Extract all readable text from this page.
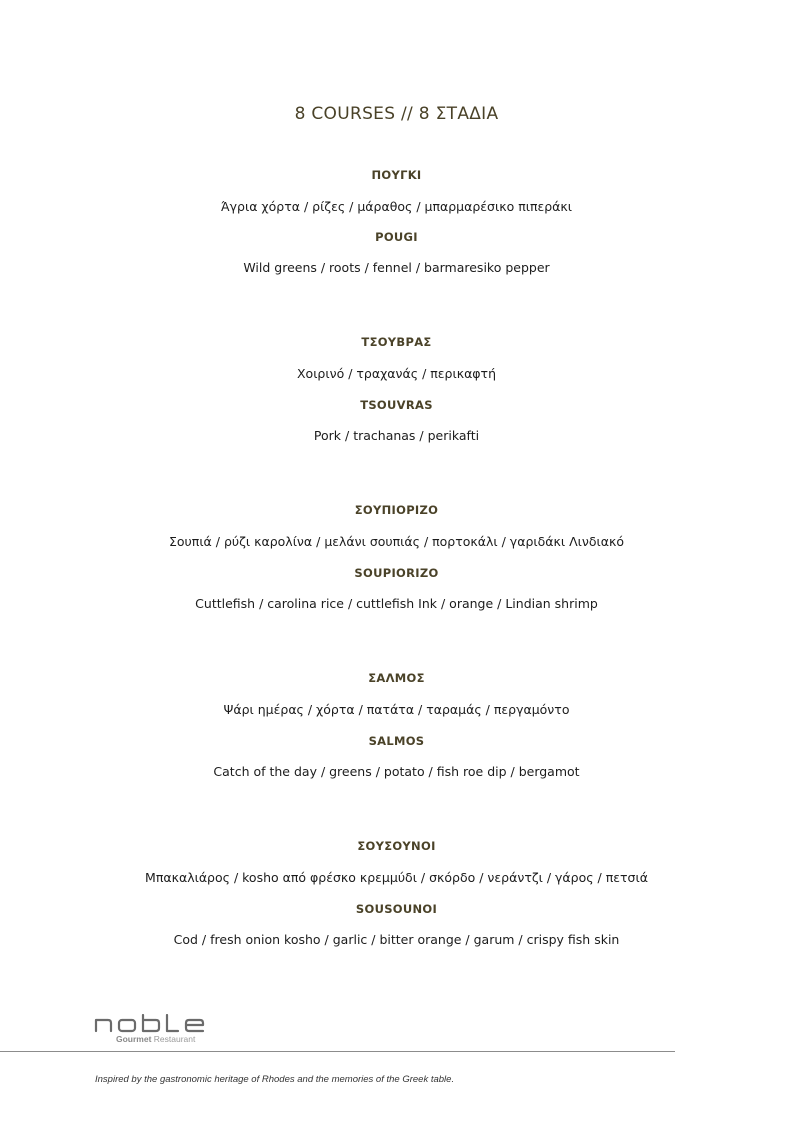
8 COURSES // 8 ΣΤΑΔΙΑ
ΠΟΥΓΚΙ
Άγρια χόρτα / ρίζες / μάραθος / μπαρμαρέσικο πιπεράκι
POUGI
Wild greens / roots / fennel / barmaresiko pepper
ΤΣΟΥΒΡΑΣ
Χοιρινό / τραχανάς / περικαφτή
TSOUVRAS
Pork / trachanas / perikafti
ΣΟΥΠΙΟΡΙΖΟ
Σουπιά / ρύζι καρολίνα / μελάνι σουπιάς / πορτοκάλι / γαριδάκι Λινδιακό
SOUPIORIZO
Cuttlefish / carolina rice / cuttlefish Ink / orange / Lindian shrimp
ΣΑΛΜΟΣ
Ψάρι ημέρας / χόρτα / πατάτα / ταραμάς / περγαμόντο
SALMOS
Catch of the day / greens / potato / fish roe dip / bergamot
ΣΟΥΣΟΥΝΟΙ
Μπακαλιάρος / kosho από φρέσκο κρεμμύδι / σκόρδο / νεράντζι / γάρος / πετσιά
SOUSOUNOI
Cod / fresh onion kosho / garlic / bitter orange / garum / crispy fish skin
Gourmet Restaurant
Inspired by the gastronomic heritage of Rhodes and the memories of the Greek table.
